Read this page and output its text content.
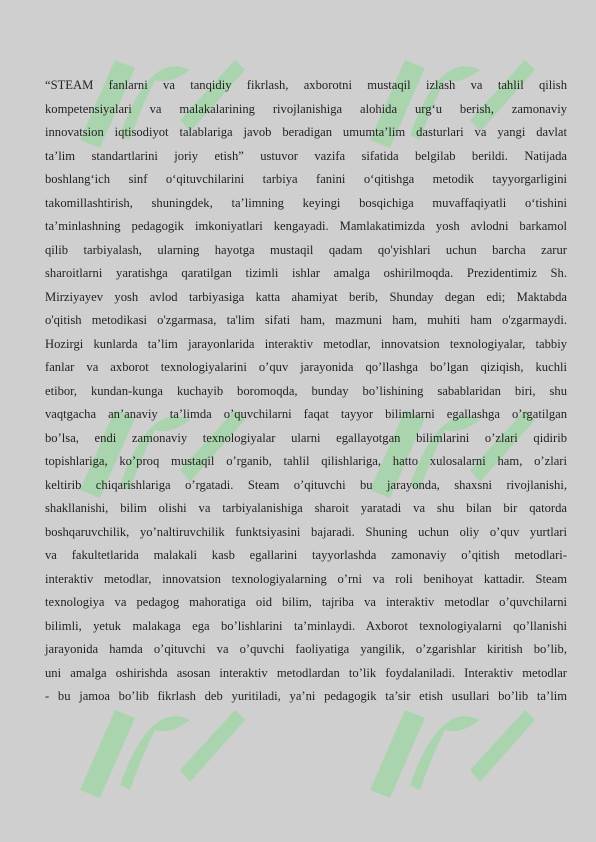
“STEAM fanlarni va tanqidiy fikrlash, axborotni mustaqil izlash va tahlil qilish
kompetensiyalari va malakalarining rivojlanishiga alohida urg‘u berish, zamonaviy
innovatsion iqtisodiyot talablariga javob beradigan umumta’lim dasturlari va yangi davlat
ta’lim standartlarini joriy etish” ustuvor vazifa sifatida belgilab berildi. Natijada
boshlang‘ich sinf o‘qituvchilarini tarbiya fanini o‘qitishga metodik tayyorgarligini
takomillashtirish, shuningdek, ta’limning keyingi bosqichiga muvaffaqiyatli o‘tishini
ta’minlashning pedagogik imkoniyatlari kengayadi. Mamlakatimizda yosh avlodni barkamol
qilib tarbiyalash, ularning hayotga mustaqil qadam qo'yishlari uchun barcha zarur
sharoitlarni yaratishga qaratilgan tizimli ishlar amalga oshirilmoqda. Prezidentimiz Sh.
Mirziyayev yosh avlod tarbiyasiga katta ahamiyat berib, Shunday degan edi; Maktabda
o'qitish metodikasi o'zgarmasa, ta'lim sifati ham, mazmuni ham, muhiti ham o'zgarmaydi.
Hozirgi kunlarda ta’lim jarayonlarida interaktiv metodlar, innovatsion texnologiyalar, tabbiy
fanlar va axborot texnologiyalarini o’quv jarayonida qo’llashga bo’lgan qiziqish, kuchli
etibor, kundan-kunga kuchayib boromoqda, bunday bo’lishining sabablaridan biri, shu
vaqtgacha an’anaviy ta’limda o’quvchilarni faqat tayyor bilimlarni egallashga o’rgatilgan
bo’lsa, endi zamonaviy texnologiyalar ularni egallayotgan bilimlarini o’zlari qidirib
topishlariga, ko’proq mustaqil o’rganib, tahlil qilishlariga, hatto xulosalarni ham, o’zlari
keltirib chiqarishlariga o’rgatadi. Steam o’qituvchi bu jarayonda, shaxsni rivojlanishi,
shakllanishi, bilim olishi va tarbiyalanishiga sharoit yaratadi va shu bilan bir qatorda
boshqaruvchilik, yo’naltiruvchilik funktsiyasini bajaradi. Shuning uchun oliy o’quv yurtlari
va fakultetlarida malakali kasb egallarini tayyorlashda zamonaviy o’qitish metodlari-
interaktiv metodlar, innovatsion texnologiyalarning o’rni va roli benihoyat kattadir. Steam
texnologiya va pedagog mahoratiga oid bilim, tajriba va interaktiv metodlar o’quvchilarni
bilimli, yetuk malakaga ega bo’lishlarini ta’minlaydi. Axborot texnologiyalarni qo’llanishi
jarayonida hamda o’qituvchi va o’quvchi faoliyatiga yangilik, o’zgarishlar kiritish bo’lib,
uni amalga oshirishda asosan interaktiv metodlardan to’lik foydalaniladi. Interaktiv metodlar
- bu jamoa bo’lib fikrlash deb yuritiladi, ya’ni pedagogik ta’sir etish usullari bo’lib ta’lim
